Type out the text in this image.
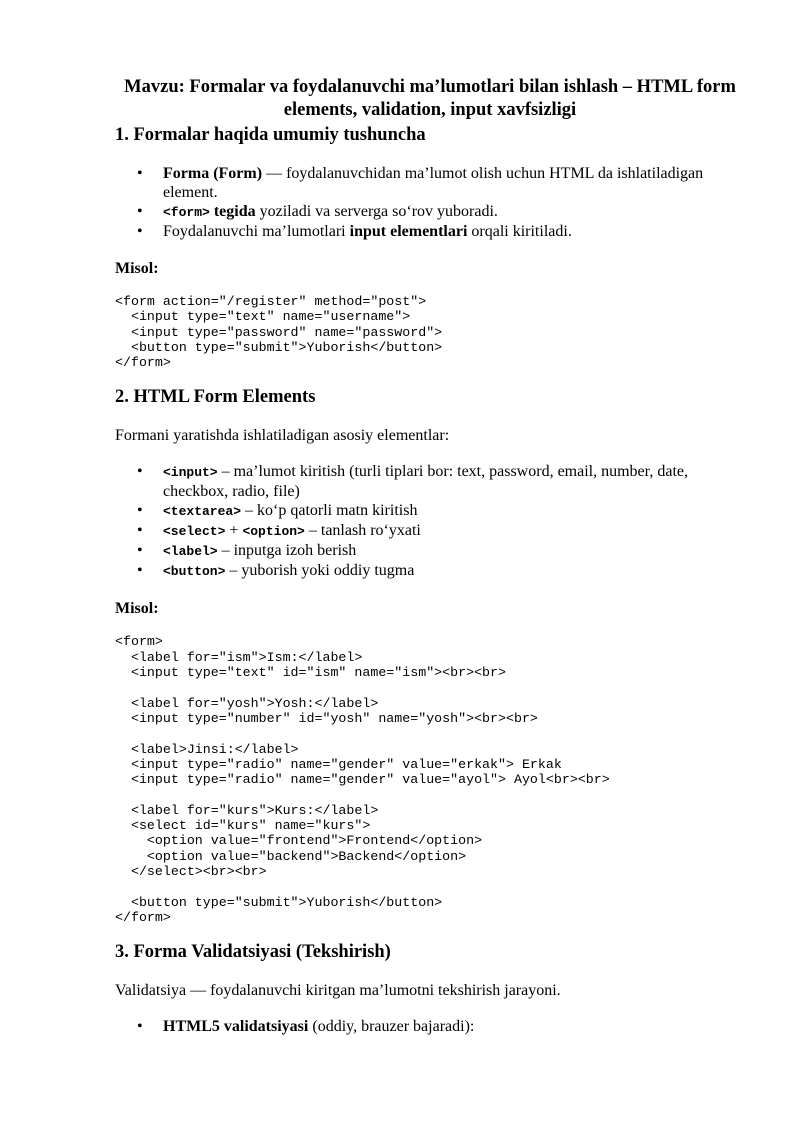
Mavzu: Formalar va foydalanuvchi ma’lumotlari bilan ishlash – HTML form
elements, validation, input xavfsizligi
1. Formalar haqida umumiy tushuncha
• Forma (Form) — foydalanuvchidan ma’lumot olish uchun HTML da ishlatiladigan
element.
• <form> tegida yoziladi va serverga so‘rov yuboradi.
• Foydalanuvchi ma’lumotlari input elementlari orqali kiritiladi.

Misol:

<form action="/register" method="post">
<input type="text" name="username">
<input type="password" name="password">
<button type="submit">Yuborish</button>
</form>
2. HTML Form Elements

Formani yaratishda ishlatiladigan asosiy elementlar:

• <input> – ma’lumot kiritish (turli tiplari bor: text, password, email, number, date,
checkbox, radio, file)
• <textarea> – ko‘p qatorli matn kiritish
• <select> + <option> – tanlash ro‘yxati
• <label> – inputga izoh berish
• <button> – yuborish yoki oddiy tugma

Misol:

<form>
<label for="ism">Ism:</label>
<input type="text" id="ism" name="ism"><br><br>

<label for="yosh">Yosh:</label>
<input type="number" id="yosh" name="yosh"><br><br>

<label>Jinsi:</label>
<input type="radio" name="gender" value="erkak"> Erkak
<input type="radio" name="gender" value="ayol"> Ayol<br><br>

<label for="kurs">Kurs:</label>
<select id="kurs" name="kurs">
<option value="frontend">Frontend</option>
<option value="backend">Backend</option>
</select><br><br>

<button type="submit">Yuborish</button>
</form>
3. Forma Validatsiyasi (Tekshirish)

Validatsiya — foydalanuvchi kiritgan ma’lumotni tekshirish jarayoni.

• HTML5 validatsiyasi (oddiy, brauzer bajaradi):
